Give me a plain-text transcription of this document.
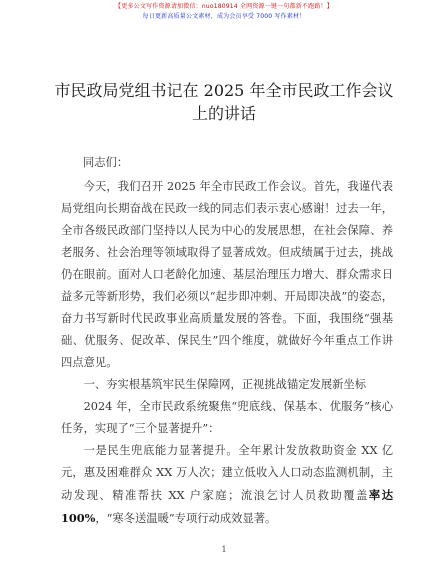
【更多公文写作资源请加微信：nuo180914 全网资源一键一句都新不跑路！】
每日更新高质量公文素材，成为会员享受 7000 写作素材！
市民政局党组书记在 2025 年全市民政工作会议
上的讲话

同志们：

今天，我们召开 2025 年全市民政工作会议。首先，我谨代表局党组向长期奋战在民政一线的同志们表示衷心感谢！过去一年，全市各级民政部门坚持以人民为中心的发展思想，在社会保障、养老服务、社会治理等领域取得了显著成效。但成绩属于过去，挑战仍在眼前。面对人口老龄化加速、基层治理压力增大、群众需求日益多元等新形势，我们必须以“起步即冲刺、开局即决战”的姿态，奋力书写新时代民政事业高质量发展的答卷。下面，我围绕“强基础、优服务、促改革、保民生”四个维度，就做好今年重点工作讲四点意见。

一、夯实根基筑牢民生保障网，正视挑战锚定发展新坐标

2024 年，全市民政系统聚焦“兜底线、保基本、优服务”核心任务，实现了“三个显著提升”：

一是民生兜底能力显著提升。全年累计发放救助资金 XX 亿元，惠及困难群众 XX 万人次；建立低收入人口动态监测机制，主动发现、精准帮扶 XX 户家庭；流浪乞讨人员救助覆盖率达 100%，“寒冬送温暖”专项行动成效显著。

1
